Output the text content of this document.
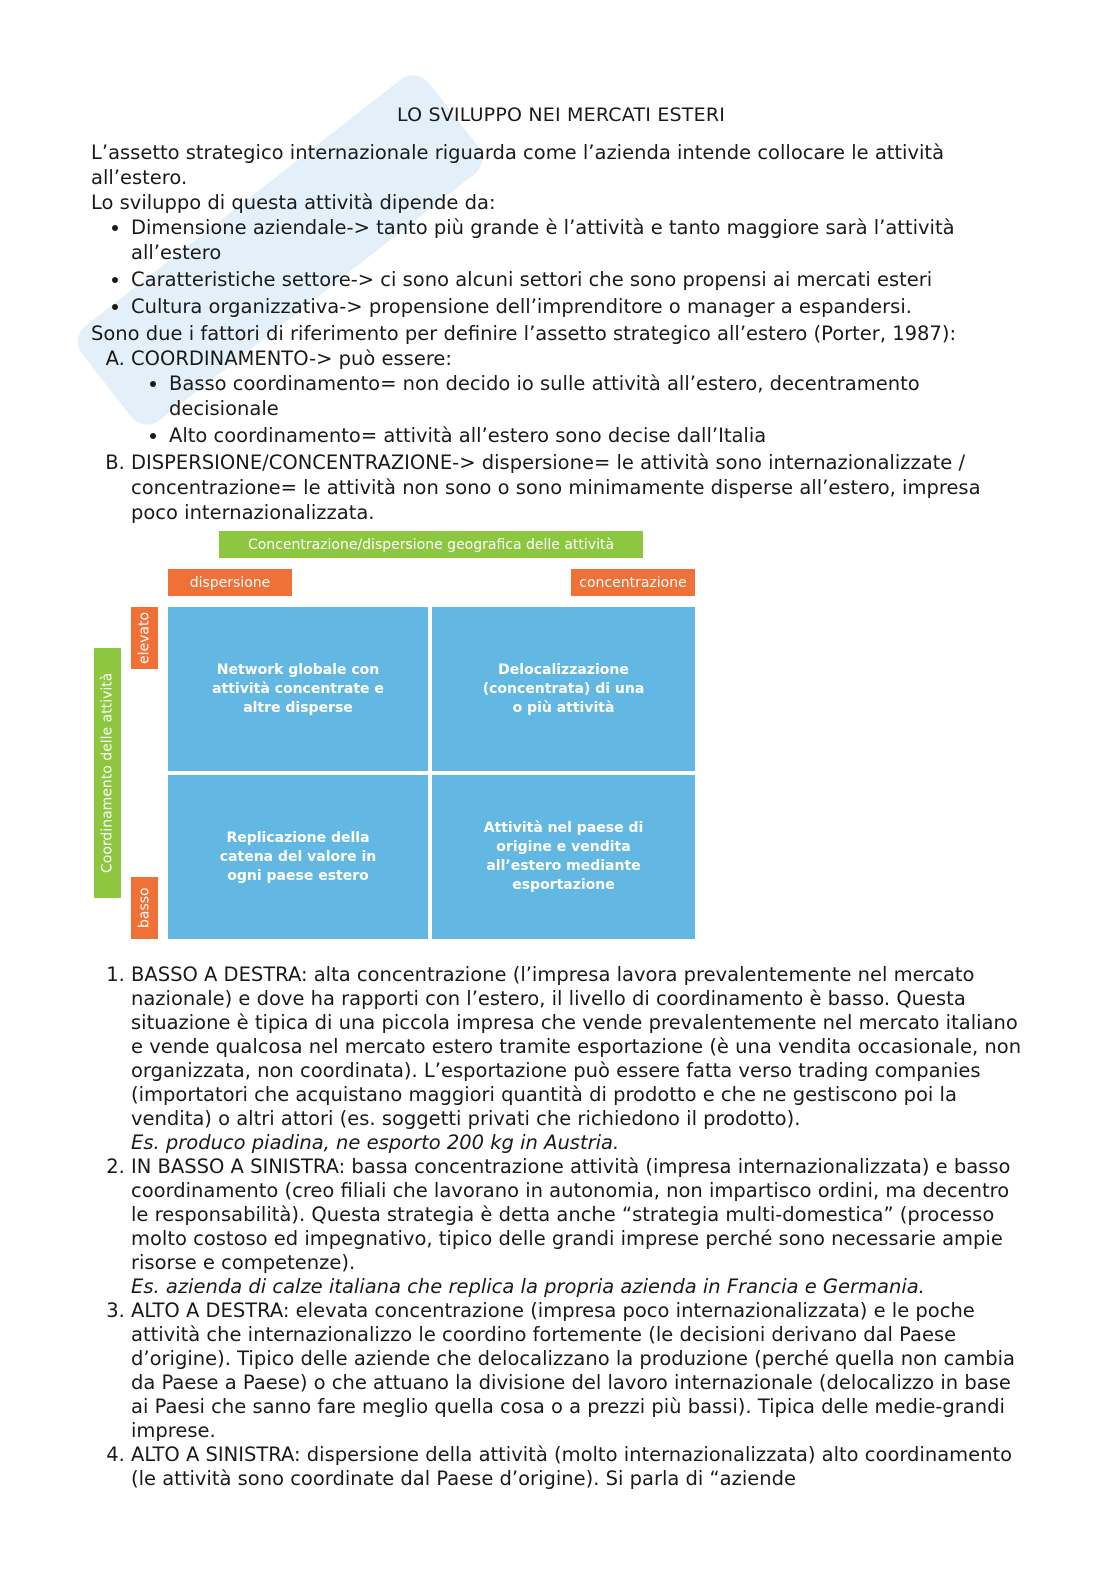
LO SVILUPPO NEI MERCATI ESTERI

L’assetto strategico internazionale riguarda come l’azienda intende collocare le attività all’estero.

Lo sviluppo di questa attività dipende da:

• Dimensione aziendale-> tanto più grande è l’attività e tanto maggiore sarà l’attività all’estero
• Caratteristiche settore-> ci sono alcuni settori che sono propensi ai mercati esteri
• Cultura organizzativa-> propensione dell’imprenditore o manager a espandersi.

Sono due i fattori di riferimento per definire l’assetto strategico all’estero (Porter, 1987):

A. COORDINAMENTO-> può essere:
• Basso coordinamento= non decido io sulle attività all’estero, decentramento decisionale
• Alto coordinamento= attività all’estero sono decise dall’Italia
B. DISPERSIONE/CONCENTRAZIONE-> dispersione= le attività sono internazionalizzate / concentrazione= le attività non sono o sono minimamente disperse all’estero, impresa poco internazionalizzata.
Concentrazione/dispersione geografica delle attività
dispersione	concentrazione
Coordinamento delle attività
elevato
basso
Network globale con attività concentrate e altre disperse
Delocalizzazione (concentrata) di una o più attività
Replicazione della catena del valore in ogni paese estero
Attività nel paese di origine e vendita all’estero mediante esportazione
1. BASSO A DESTRA: alta concentrazione (l’impresa lavora prevalentemente nel mercato nazionale) e dove ha rapporti con l’estero, il livello di coordinamento è basso. Questa situazione è tipica di una piccola impresa che vende prevalentemente nel mercato italiano e vende qualcosa nel mercato estero tramite esportazione (è una vendita occasionale, non organizzata, non coordinata). L’esportazione può essere fatta verso trading companies (importatori che acquistano maggiori quantità di prodotto e che ne gestiscono poi la vendita) o altri attori (es. soggetti privati che richiedono il prodotto).
Es. produco piadina, ne esporto 200 kg in Austria.
2. IN BASSO A SINISTRA: bassa concentrazione attività (impresa internazionalizzata) e basso coordinamento (creo filiali che lavorano in autonomia, non impartisco ordini, ma decentro le responsabilità). Questa strategia è detta anche “strategia multi-domestica” (processo molto costoso ed impegnativo, tipico delle grandi imprese perché sono necessarie ampie risorse e competenze).
Es. azienda di calze italiana che replica la propria azienda in Francia e Germania.
3. ALTO A DESTRA: elevata concentrazione (impresa poco internazionalizzata) e le poche attività che internazionalizzo le coordino fortemente (le decisioni derivano dal Paese d’origine). Tipico delle aziende che delocalizzano la produzione (perché quella non cambia da Paese a Paese) o che attuano la divisione del lavoro internazionale (delocalizzo in base ai Paesi che sanno fare meglio quella cosa o a prezzi più bassi). Tipica delle medie-grandi imprese.
4. ALTO A SINISTRA: dispersione della attività (molto internazionalizzata) alto coordinamento (le attività sono coordinate dal Paese d’origine). Si parla di “aziende
